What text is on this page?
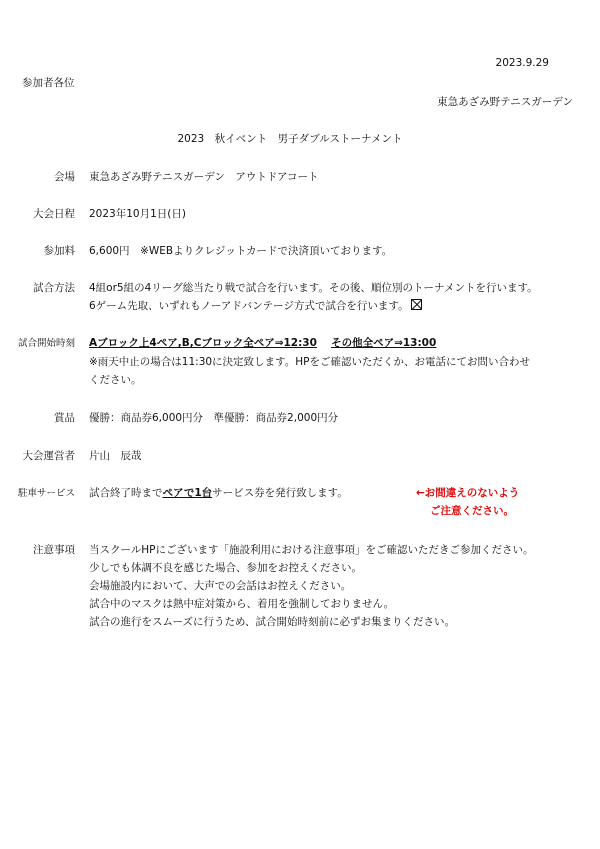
2023.9.29
参加者各位
東急あざみ野テニスガーデン
2023　秋イベント　男子ダブルストーナメント
会場 東急あざみ野テニスガーデン　アウトドアコート
大会日程 2023年10月1日(日)
参加料 6,600円　※WEBよりクレジットカードで決済頂いております。
試合方法 4組or5組の4リーグ総当たり戦で試合を行います。その後、順位別のトーナメントを行います。
6ゲーム先取、いずれもノーアドバンテージ方式で試合を行います。
試合開始時刻 Aブロック上4ペア,B,Cブロック全ペア⇒12:30　 その他全ペア⇒13:00
※雨天中止の場合は11:30に決定致します。HPをご確認いただくか、お電話にてお問い合わせ
ください。
賞品 優勝：商品券6,000円分　準優勝：商品券2,000円分
大会運営者 片山　辰哉
駐車サービス 試合終了時までペアで1台サービス券を発行致します。	←お間違えのないよう
ご注意ください。
注意事項 当スクールHPにございます「施設利用における注意事項」をご確認いただきご参加ください。
少しでも体調不良を感じた場合、参加をお控えください。
会場施設内において、大声での会話はお控えください。
試合中のマスクは熱中症対策から、着用を強制しておりません。
試合の進行をスムーズに行うため、試合開始時刻前に必ずお集まりください。
